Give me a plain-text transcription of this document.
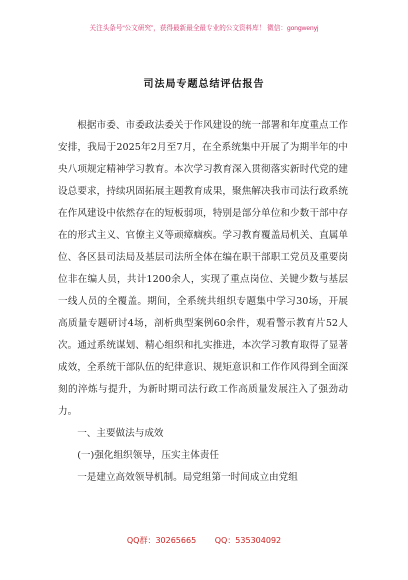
关注头条号“公文研究”，获得最新最全最专业的公文资料库！ 微信：gongwenyj
司法局专题总结评估报告

根据市委、市委政法委关于作风建设的统一部署和年度重点工作安排，我局于2025年2月至7月，在全系统集中开展了为期半年的中央八项规定精神学习教育。本次学习教育深入贯彻落实新时代党的建设总要求，持续巩固拓展主题教育成果，聚焦解决我市司法行政系统在作风建设中依然存在的短板弱项，特别是部分单位和少数干部中存在的形式主义、官僚主义等顽瘴痼疾。学习教育覆盖局机关、直属单位、各区县司法局及基层司法所全体在编在职干部职工党员及重要岗位非在编人员，共计1200余人，实现了重点岗位、关键少数与基层一线人员的全覆盖。期间，全系统共组织专题集中学习30场，开展高质量专题研讨4场，剖析典型案例60余件，观看警示教育片52人次。通过系统谋划、精心组织和扎实推进，本次学习教育取得了显著成效，全系统干部队伍的纪律意识、规矩意识和工作作风得到全面深刻的淬炼与提升，为新时期司法行政工作高质量发展注入了强劲动力。

一、主要做法与成效

(一)强化组织领导，压实主体责任

一是建立高效领导机制。局党组第一时间成立由党组

QQ群：30265665 QQ：535304092
